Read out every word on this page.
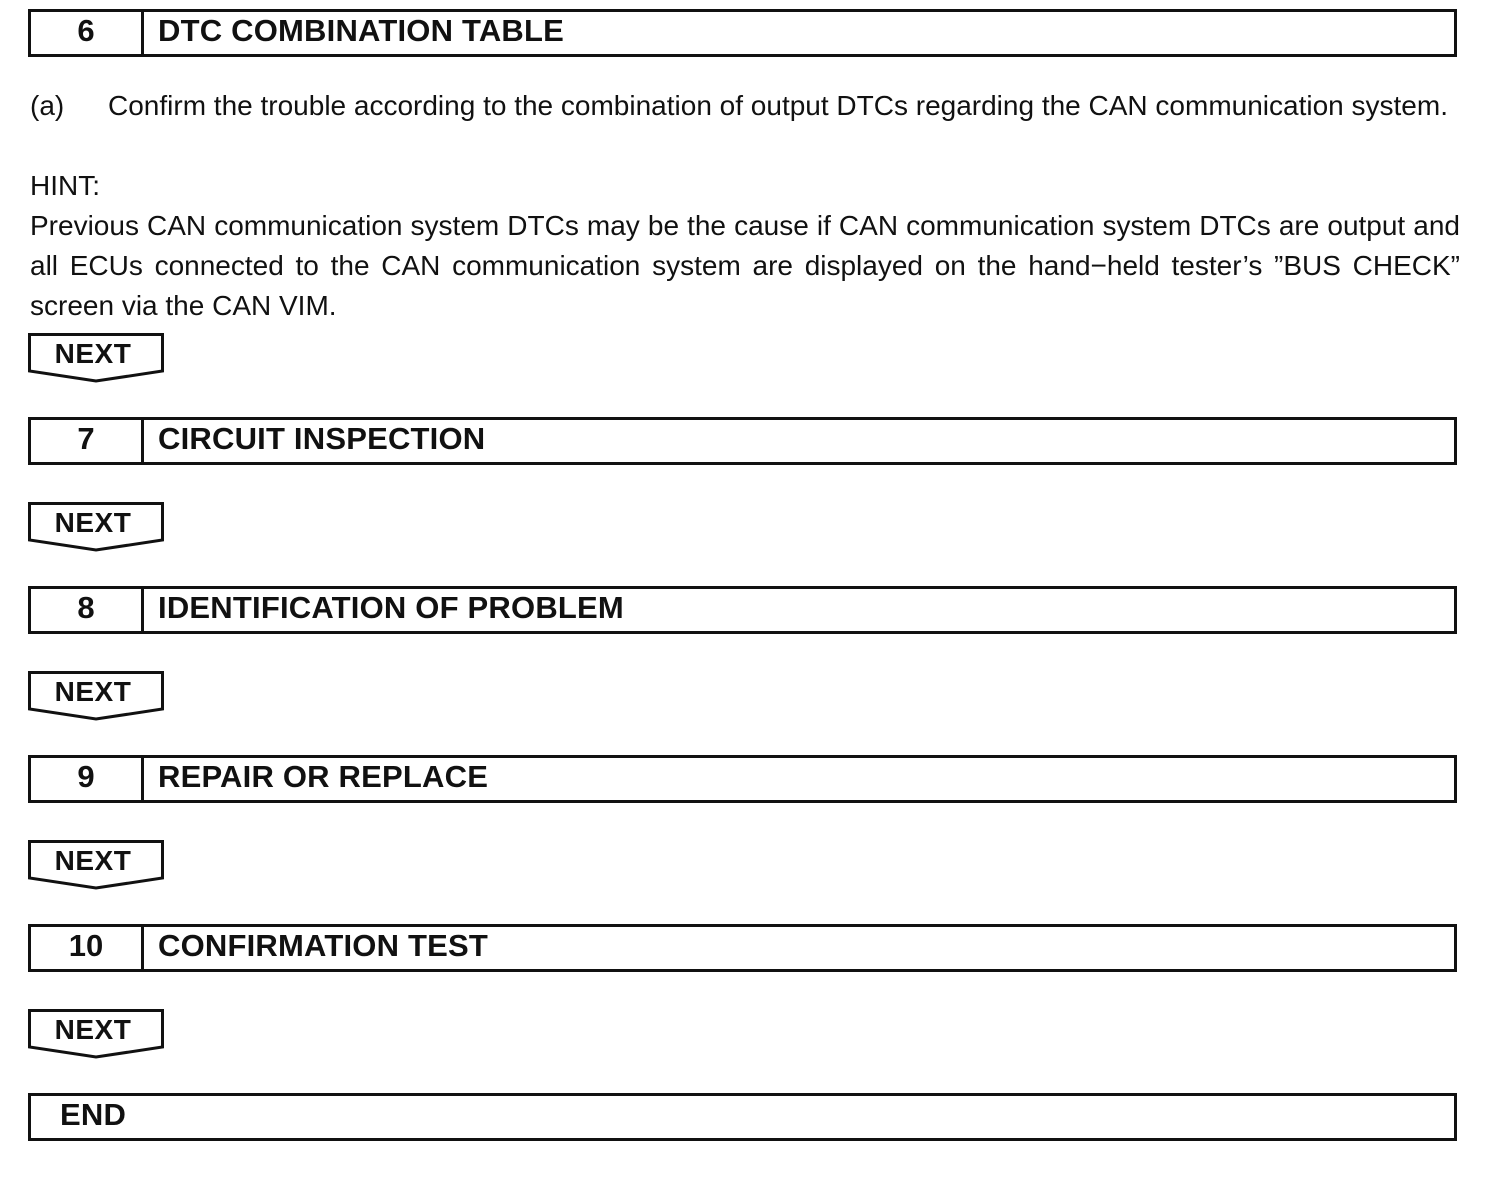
6	DTC COMBINATION TABLE
(a) Confirm the trouble according to the combination of output DTCs regarding the CAN communication system.
HINT:
Previous CAN communication system DTCs may be the cause if CAN communication system DTCs are output and all ECUs connected to the CAN communication system are displayed on the hand−held tester’s ”BUS CHECK” screen via the CAN VIM.
NEXT
7	CIRCUIT INSPECTION
NEXT
8	IDENTIFICATION OF PROBLEM
NEXT
9	REPAIR OR REPLACE
NEXT
10	CONFIRMATION TEST
NEXT
END
